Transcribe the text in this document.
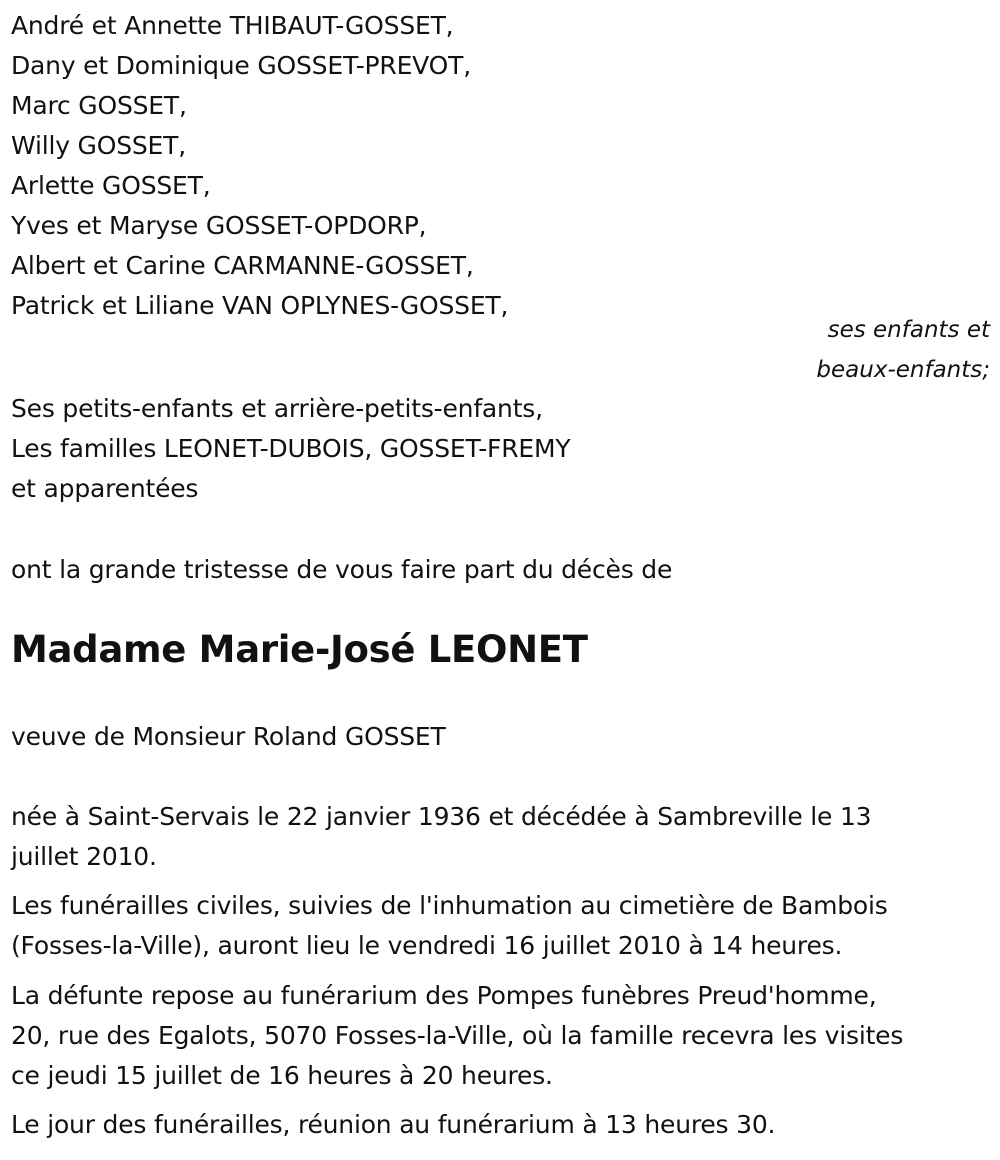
André et Annette THIBAUT-GOSSET,
Dany et Dominique GOSSET-PREVOT,
Marc GOSSET,
Willy GOSSET,
Arlette GOSSET,
Yves et Maryse GOSSET-OPDORP,
Albert et Carine CARMANNE-GOSSET,
Patrick et Liliane VAN OPLYNES-GOSSET,
ses enfants et
beaux-enfants;
Ses petits-enfants et arrière-petits-enfants,
Les familles LEONET-DUBOIS, GOSSET-FREMY
et apparentées
ont la grande tristesse de vous faire part du décès de
Madame Marie-José LEONET
veuve de Monsieur Roland GOSSET
née à Saint-Servais le 22 janvier 1936 et décédée à Sambreville le 13
juillet 2010.
Les funérailles civiles, suivies de l'inhumation au cimetière de Bambois
(Fosses-la-Ville), auront lieu le vendredi 16 juillet 2010 à 14 heures.
La défunte repose au funérarium des Pompes funèbres Preud'homme,
20, rue des Egalots, 5070 Fosses-la-Ville, où la famille recevra les visites
ce jeudi 15 juillet de 16 heures à 20 heures.
Le jour des funérailles, réunion au funérarium à 13 heures 30.
